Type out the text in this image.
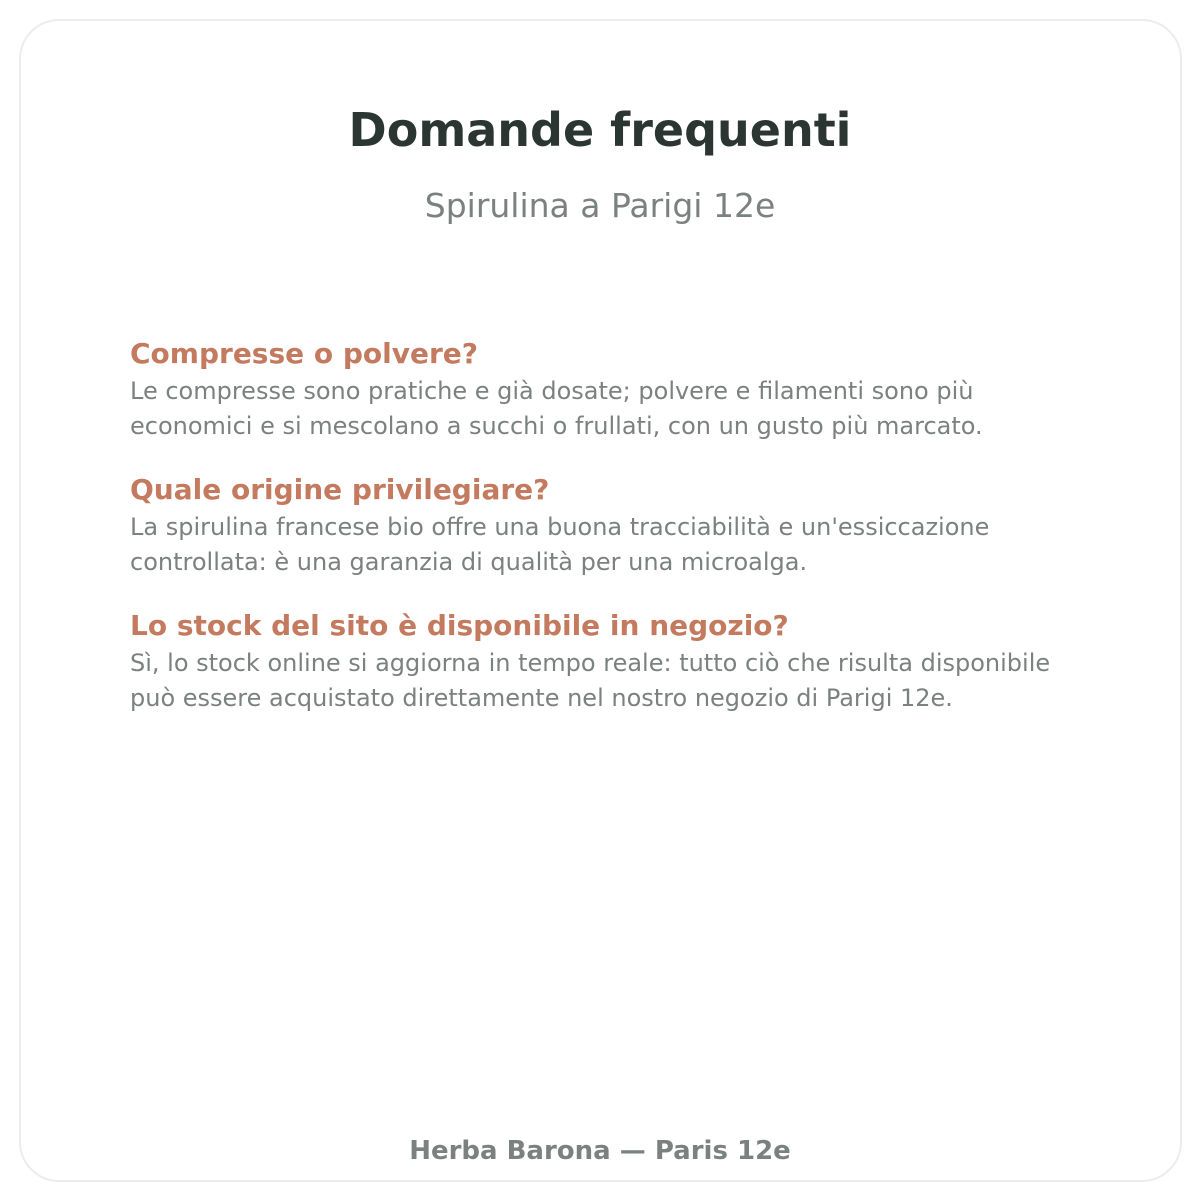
Domande frequenti

Spirulina a Parigi 12e

Compresse o polvere?

Le compresse sono pratiche e già dosate; polvere e filamenti sono più economici e si mescolano a succhi o frullati, con un gusto più marcato.

Quale origine privilegiare?

La spirulina francese bio offre una buona tracciabilità e un'essiccazione controllata: è una garanzia di qualità per una microalga.

Lo stock del sito è disponibile in negozio?

Sì, lo stock online si aggiorna in tempo reale: tutto ciò che risulta disponibile può essere acquistato direttamente nel nostro negozio di Parigi 12e.

Herba Barona — Paris 12e
